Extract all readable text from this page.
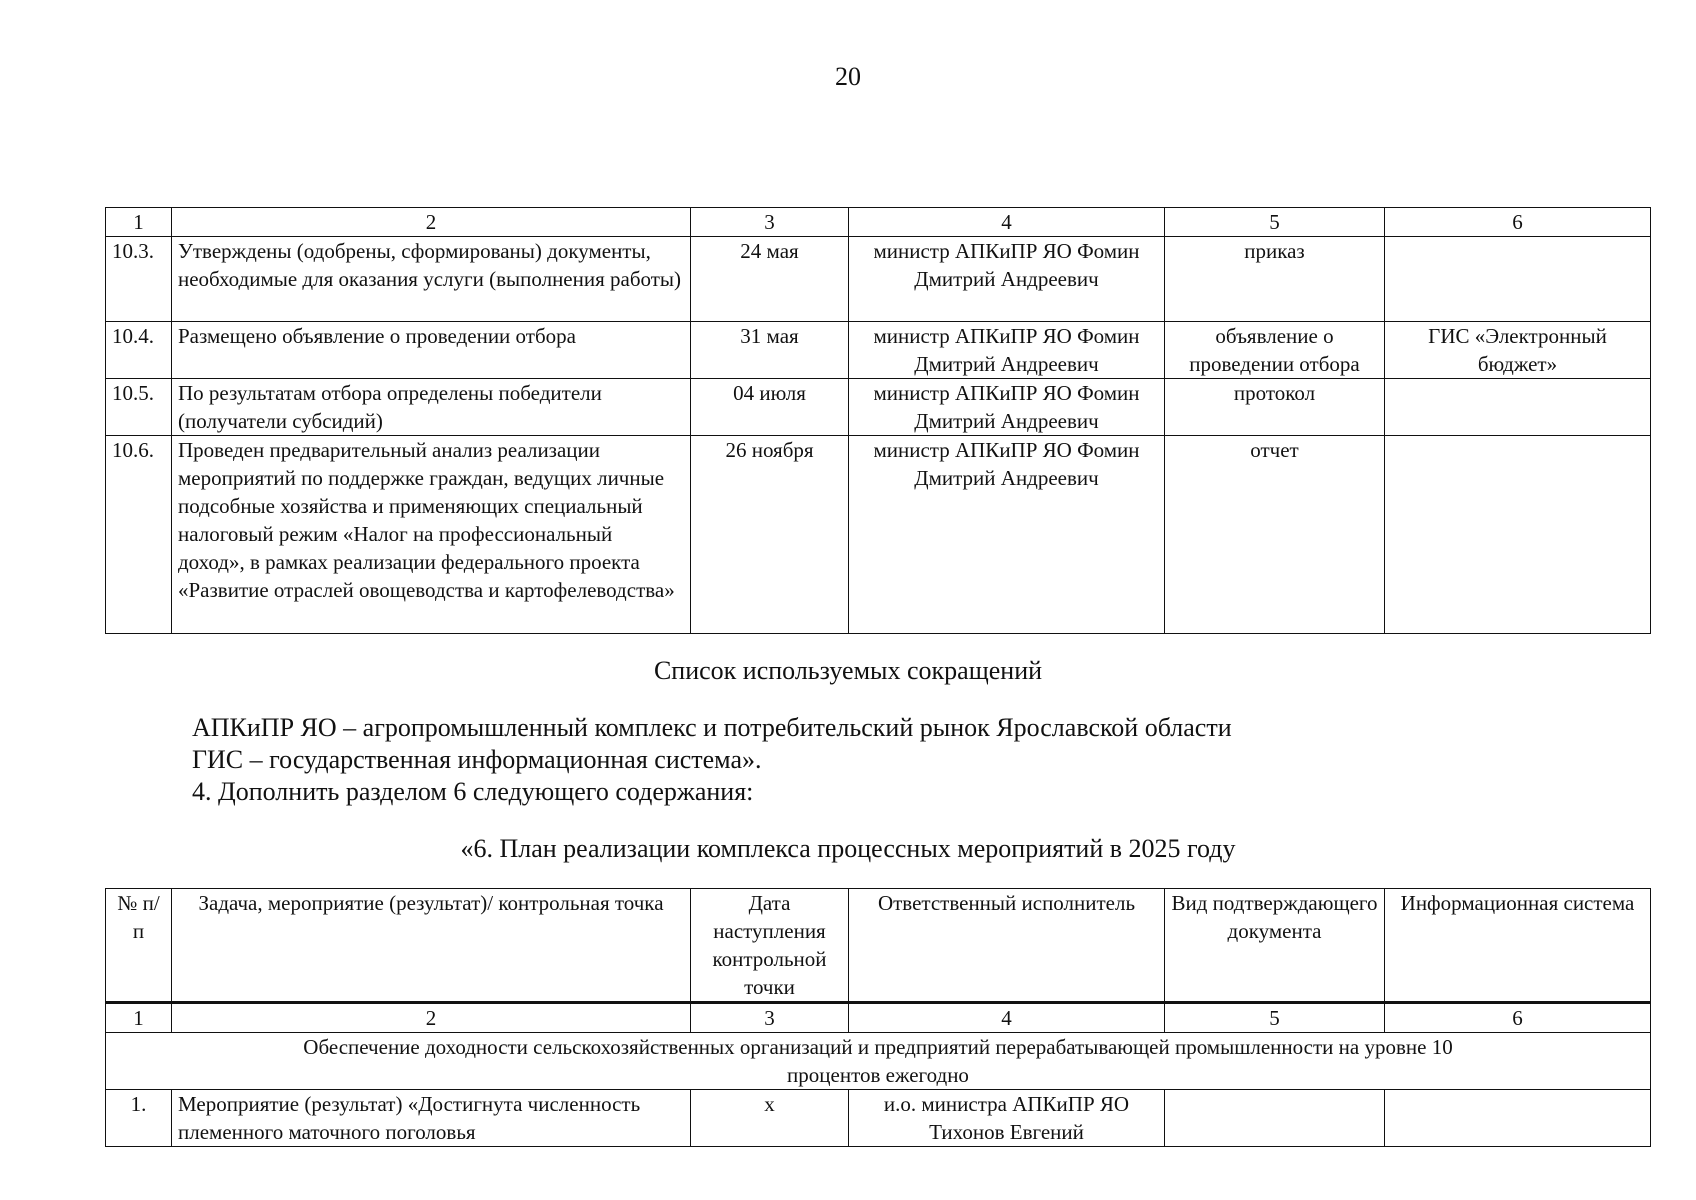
20
1	2	3	4	5	6
10.3.	Утверждены (одобрены, сформированы) документы, необходимые для оказания услуги (выполнения работы)	24 мая	министр АПКиПР ЯО Фомин Дмитрий Андреевич	приказ	
10.4.	Размещено объявление о проведении отбора	31 мая	министр АПКиПР ЯО Фомин Дмитрий Андреевич	объявление о проведении отбора	ГИС «Электронный бюджет»
10.5.	По результатам отбора определены победители (получатели субсидий)	04 июля	министр АПКиПР ЯО Фомин Дмитрий Андреевич	протокол	
10.6.	Проведен предварительный анализ реализации мероприятий по поддержке граждан, ведущих личные подсобные хозяйства и применяющих специальный налоговый режим «Налог на профессиональный доход», в рамках реализации федерального проекта «Развитие отраслей овощеводства и картофелеводства»	26 ноября	министр АПКиПР ЯО Фомин Дмитрий Андреевич	отчет	
Список используемых сокращений
АПКиПР ЯО – агропромышленный комплекс и потребительский рынок Ярославской области
ГИС – государственная информационная система».
4. Дополнить разделом 6 следующего содержания:
«6. План реализации комплекса процессных мероприятий в 2025 году
№ п/п	Задача, мероприятие (результат)/ контрольная точка	Дата наступления контрольной точки	Ответственный исполнитель	Вид подтверждающего документа	Информационная система
1	2	3	4	5	6
Обеспечение доходности сельскохозяйственных организаций и предприятий перерабатывающей промышленности на уровне 10 процентов ежегодно					
1.	Мероприятие (результат) «Достигнута численность племенного маточного поголовья	x	и.о. министра АПКиПР ЯО Тихонов Евгений		
